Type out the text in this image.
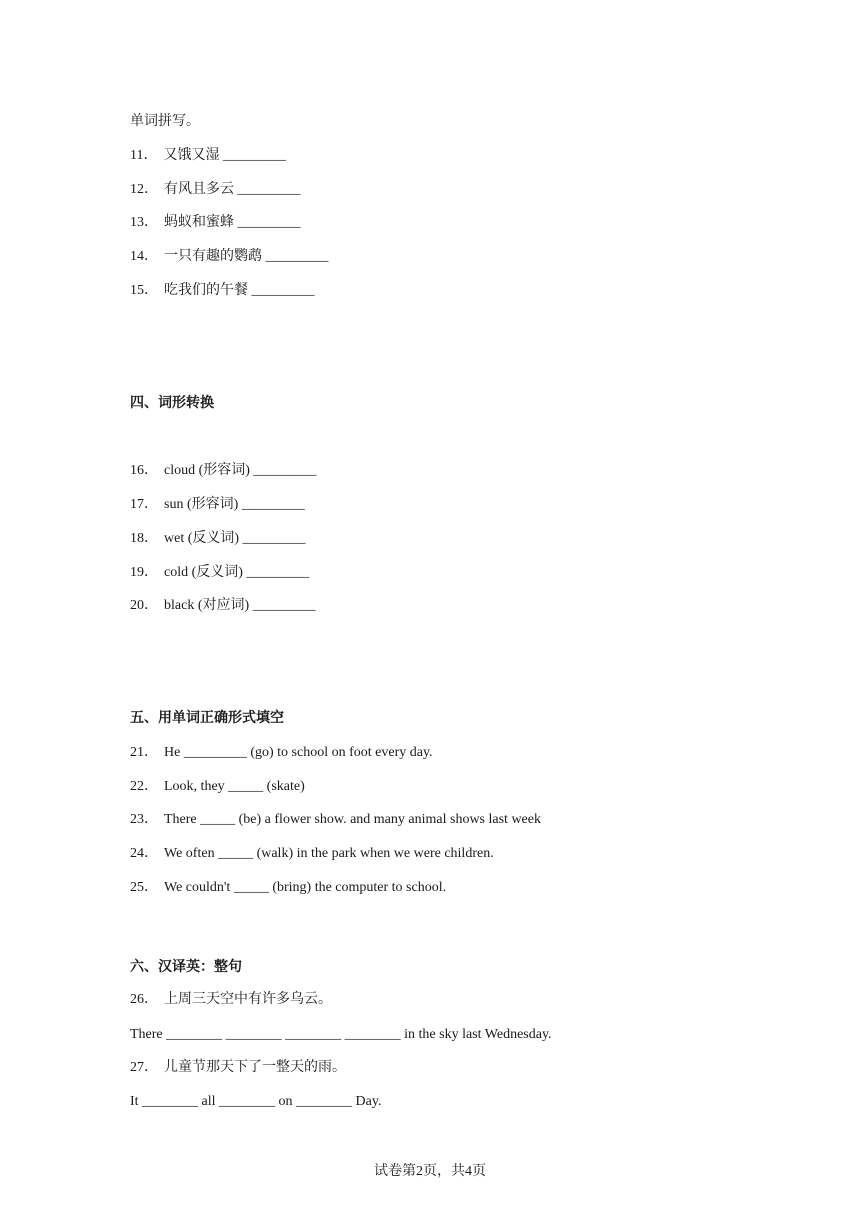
单词拼写。
11． 又饿又湿 _________
12． 有风且多云 _________
13． 蚂蚁和蜜蜂 _________
14． 一只有趣的鹦鹉 _________
15． 吃我们的午餐 _________
四、词形转换
16． cloud (形容词) _________
17． sun (形容词) _________
18． wet (反义词) _________
19． cold (反义词) _________
20． black (对应词) _________
五、用单词正确形式填空
21． He _________ (go) to school on foot every day.
22． Look, they _____ (skate)
23． There _____ (be) a flower show. and many animal shows last week
24． We often _____ (walk) in the park when we were children.
25． We couldn't _____ (bring) the computer to school.
六、汉译英：整句
26． 上周三天空中有许多乌云。
There ________ ________ ________ ________ in the sky last Wednesday.
27． 儿童节那天下了一整天的雨。
It ________ all ________ on ________ Day.
试卷第2页，共4页
